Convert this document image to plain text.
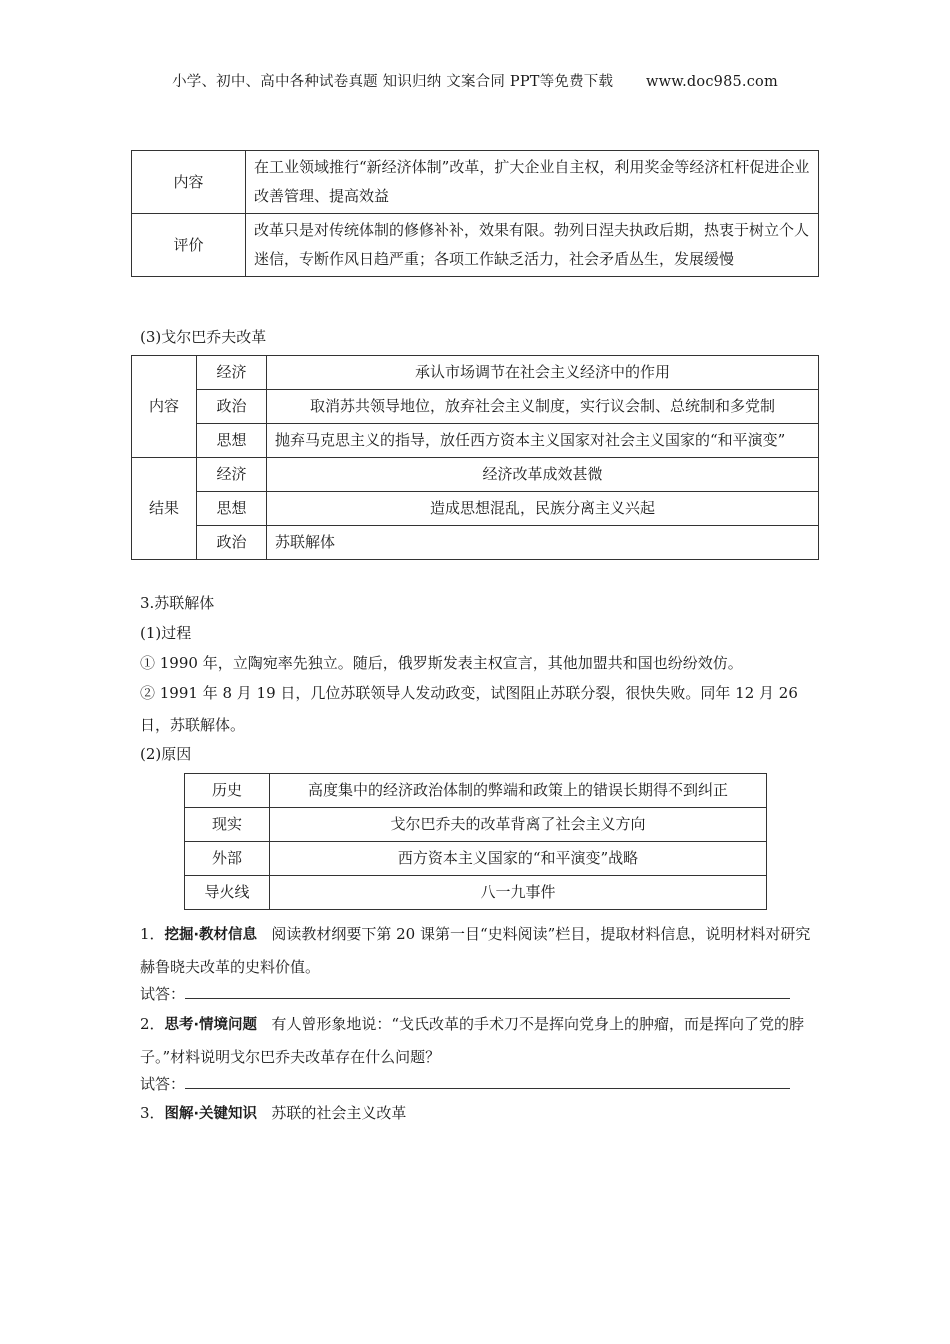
小学、初中、高中各种试卷真题 知识归纳 文案合同 PPT等免费下载 www.doc985.com
内容	在工业领域推行“新经济体制”改革，扩大企业自主权，利用奖金等经济杠杆促进企业改善管理、提高效益
评价	改革只是对传统体制的修修补补，效果有限。勃列日涅夫执政后期，热衷于树立个人迷信，专断作风日趋严重；各项工作缺乏活力，社会矛盾丛生，发展缓慢
(3)戈尔巴乔夫改革
内容	经济	承认市场调节在社会主义经济中的作用
	政治	取消苏共领导地位，放弃社会主义制度，实行议会制、总统制和多党制
	思想	抛弃马克思主义的指导，放任西方资本主义国家对社会主义国家的“和平演变”
结果	经济	经济改革成效甚微
	思想	造成思想混乱，民族分离主义兴起
	政治	苏联解体
3.苏联解体
(1)过程
① 1990 年，立陶宛率先独立。随后，俄罗斯发表主权宣言，其他加盟共和国也纷纷效仿。
② 1991 年 8 月 19 日，几位苏联领导人发动政变，试图阻止苏联分裂，很快失败。同年 12 月 26 日，苏联解体。
(2)原因
历史	高度集中的经济政治体制的弊端和政策上的错误长期得不到纠正
现实	戈尔巴乔夫的改革背离了社会主义方向
外部	西方资本主义国家的“和平演变”战略
导火线	八一九事件
1．挖掘·教材信息 阅读教材纲要下第 20 课第一目“史料阅读”栏目，提取材料信息，说明材料对研究赫鲁晓夫改革的史料价值。
试答：
2．思考·情境问题 有人曾形象地说：“戈氏改革的手术刀不是挥向党身上的肿瘤，而是挥向了党的脖子。”材料说明戈尔巴乔夫改革存在什么问题？
试答：
3．图解·关键知识 苏联的社会主义改革
